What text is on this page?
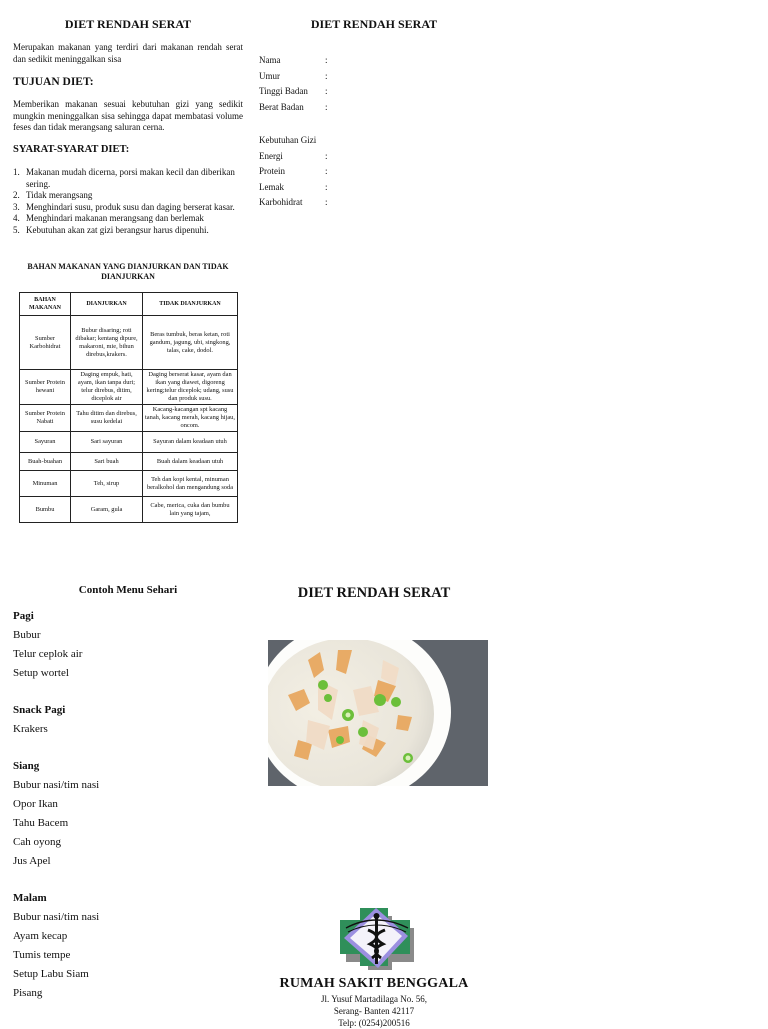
DIET RENDAH SERAT
Merupakan makanan yang terdiri dari makanan rendah serat dan sedikit meninggalkan sisa
TUJUAN DIET:
Memberikan makanan sesuai kebutuhan gizi yang sedikit mungkin meninggalkan sisa sehingga dapat membatasi volume feses dan tidak merangsang saluran cerna.
SYARAT-SYARAT DIET:
1. Makanan mudah dicerna, porsi makan kecil dan diberikan sering.
2. Tidak merangsang
3. Menghindari susu, produk susu dan daging berserat kasar.
4. Menghindari makanan merangsang dan berlemak
5. Kebutuhan akan zat gizi berangsur harus dipenuhi.
BAHAN MAKANAN YANG DIANJURKAN DAN TIDAK DIANJURKAN
BAHAN MAKANAN	DIANJURKAN	TIDAK DIANJURKAN
Sumber Karbohidrat	Bubur disaring; roti dibakar; kentang dipure, makaroni, mie, bihun direbus,krakers.	Beras tumbuk, beras ketan, roti gandum, jagung, ubi, singkong, talas, cake, dodol.
Sumber Protein hewani	Daging empuk, hati, ayam, ikan tanpa duri; telur direbus, ditim, diceplok air	Daging berserat kasar, ayam dan ikan yang diawet, digoreng kering;telur diceplok; udang, susu dan produk susu.
Sumber Protein Nabati	Tahu ditim dan direbus, susu kedelai	Kacang-kacangan spt kacang tanah, kacang merah, kacang hijau, oncom.
Sayuran	Sari sayuran	Sayuran dalam keadaan utuh
Buah-buahan	Sari buah	Buah dalam keadaan utuh
Minuman	Teh, sirup	Teh dan kopi kental, minuman beralkohol dan mengandung soda
Bumbu	Garam, gula	Cabe, merica, cuka dan bumbu lain yang tajam,
DIET RENDAH SERAT
Nama	:
Umur	:
Tinggi Badan	:
Berat Badan	:
Kebutuhan Gizi
Energi	:
Protein	:
Lemak	:
Karbohidrat	:
Contoh Menu Sehari
Pagi
Bubur
Telur ceplok air
Setup wortel
Snack Pagi
Krakers
Siang
Bubur nasi/tim nasi
Opor Ikan
Tahu Bacem
Cah oyong
Jus Apel
Malam
Bubur nasi/tim nasi
Ayam kecap
Tumis tempe
Setup Labu Siam
Pisang
DIET RENDAH SERAT
RUMAH SAKIT BENGGALA
Jl. Yusuf Martadilaga No. 56,
Serang- Banten 42117
Telp: (0254)200516
